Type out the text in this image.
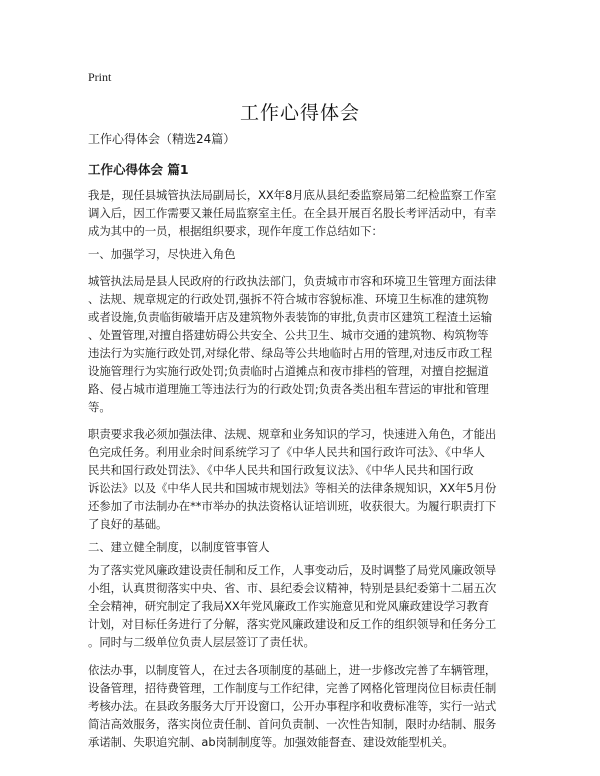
Print
工作心得体会

工作心得体会（精选24篇）

工作心得体会 篇1

我是，现任县城管执法局副局长，XX年8月底从县纪委监察局第二纪检监察工作室
调入后，因工作需要又兼任局监察室主任。在全县开展百名股长考评活动中，有幸
成为其中的一员，根据组织要求，现作年度工作总结如下：

一、加强学习，尽快进入角色

城管执法局是县人民政府的行政执法部门，负责城市市容和环境卫生管理方面法律
、法规、规章规定的行政处罚,强拆不符合城市容貌标准、环境卫生标准的建筑物
或者设施,负责临街破墙开店及建筑物外表装饰的审批,负责市区建筑工程渣土运输
、处置管理,对擅自搭建妨碍公共安全、公共卫生、城市交通的建筑物、构筑物等
违法行为实施行政处罚,对绿化带、绿岛等公共地临时占用的管理,对违反市政工程
设施管理行为实施行政处罚;负责临时占道摊点和夜市排档的管理，对擅自挖掘道
路、侵占城市道理施工等违法行为的行政处罚;负责各类出租车营运的审批和管理
等。

职责要求我必须加强法律、法规、规章和业务知识的学习，快速进入角色，才能出
色完成任务。利用业余时间系统学习了《中华人民共和国行政许可法》、《中华人
民共和国行政处罚法》、《中华人民共和国行政复议法》、《中华人民共和国行政
诉讼法》以及《中华人民共和国城市规划法》等相关的法律条规知识，XX年5月份
还参加了市法制办在**市举办的执法资格认证培训班，收获很大。为履行职责打下
了良好的基础。

二、建立健全制度，以制度管事管人

为了落实党风廉政建设责任制和反工作，人事变动后，及时调整了局党风廉政领导
小组，认真贯彻落实中央、省、市、县纪委会议精神，特别是县纪委第十二届五次
全会精神，研究制定了我局XX年党风廉政工作实施意见和党风廉政建设学习教育
计划，对目标任务进行了分解，落实党风廉政建设和反工作的组织领导和任务分工
。同时与二级单位负责人层层签订了责任状。

依法办事，以制度管人，在过去各项制度的基础上，进一步修改完善了车辆管理，
设备管理，招待费管理，工作制度与工作纪律，完善了网格化管理岗位目标责任制
考核办法。在县政务服务大厅开设窗口，公开办事程序和收费标准等，实行一站式
简洁高效服务，落实岗位责任制、首问负责制、一次性告知制，限时办结制、服务
承诺制、失职追究制、ab岗制制度等。加强效能督查、建设效能型机关。
